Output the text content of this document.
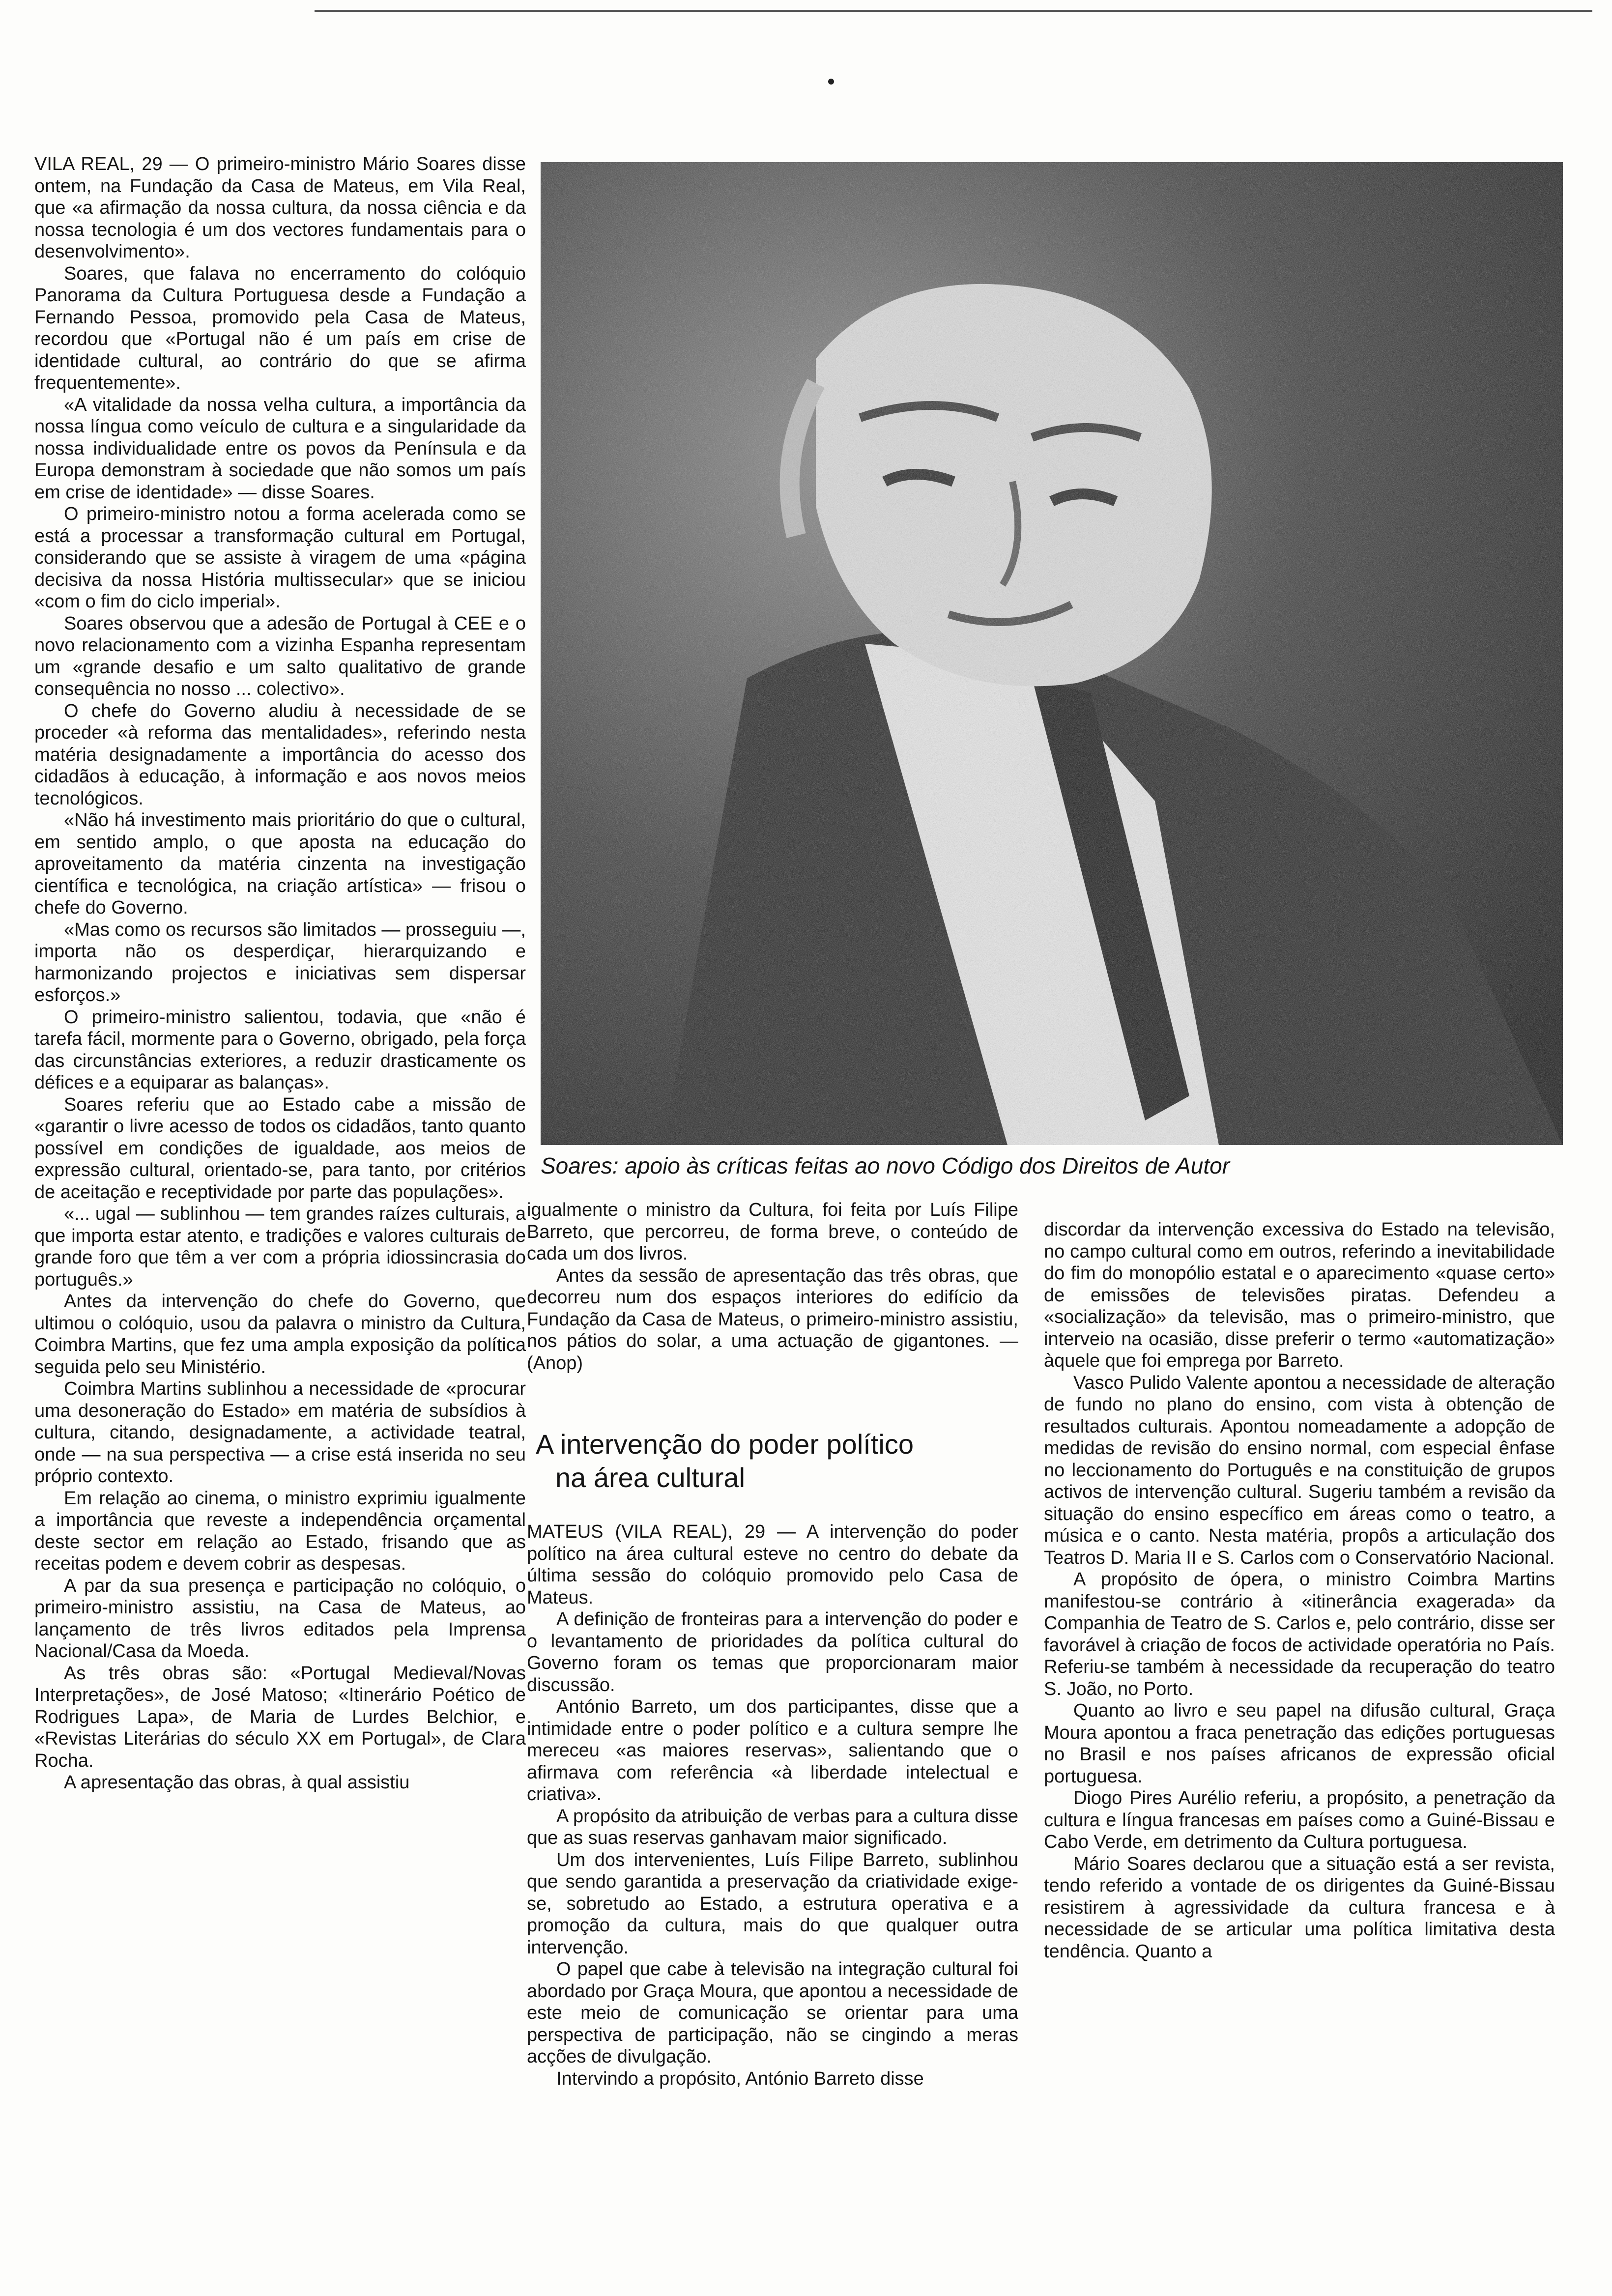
VILA REAL, 29 — O primeiro-ministro Mário Soares disse ontem, na Fundação da Casa de Mateus, em Vila Real, que «a afirmação da nossa cultura, da nossa ciência e da nossa tecnologia é um dos vectores fundamentais para o desenvolvimento».

Soares, que falava no encerramento do colóquio Panorama da Cultura Portuguesa desde a Fundação a Fernando Pessoa, promovido pela Casa de Mateus, recordou que «Portugal não é um país em crise de identidade cultural, ao contrário do que se afirma frequentemente».

«A vitalidade da nossa velha cultura, a importância da nossa língua como veículo de cultura e a singularidade da nossa individualidade entre os povos da Península e da Europa demonstram à sociedade que não somos um país em crise de identidade» — disse Soares.

O primeiro-ministro notou a forma acelerada como se está a processar a transformação cultural em Portugal, considerando que se assiste à viragem de uma «página decisiva da nossa História multissecular» que se iniciou «com o fim do ciclo imperial».

Soares observou que a adesão de Portugal à CEE e o novo relacionamento com a vizinha Espanha representam um «grande desafio e um salto qualitativo de grande consequência no nosso ... colectivo».

O chefe do Governo aludiu à necessidade de se proceder «à reforma das mentalidades», referindo nesta matéria designadamente a importância do acesso dos cidadãos à educação, à informação e aos novos meios tecnológicos.

«Não há investimento mais prioritário do que o cultural, em sentido amplo, o que aposta na educação do aproveitamento da matéria cinzenta na investigação científica e tecnológica, na criação artística» — frisou o chefe do Governo.

«Mas como os recursos são limitados — prosseguiu —, importa não os desperdiçar, hierarquizando e harmonizando projectos e iniciativas sem dispersar esforços.»

O primeiro-ministro salientou, todavia, que «não é tarefa fácil, mormente para o Governo, obrigado, pela força das circunstâncias exteriores, a reduzir drasticamente os défices e a equiparar as balanças».

Soares referiu que ao Estado cabe a missão de «garantir o livre acesso de todos os cidadãos, tanto quanto possível em condições de igualdade, aos meios de expressão cultural, orientado-se, para tanto, por critérios de aceitação e receptividade por parte das populações».

«... ugal — sublinhou — tem grandes raízes culturais, a que importa estar atento, e tradições e valores culturais de grande foro que têm a ver com a própria idiossincrasia do português.»

Antes da intervenção do chefe do Governo, que ultimou o colóquio, usou da palavra o ministro da Cultura, Coimbra Martins, que fez uma ampla exposição da política seguida pelo seu Ministério.

Coimbra Martins sublinhou a necessidade de «procurar uma desoneração do Estado» em matéria de subsídios à cultura, citando, designadamente, a actividade teatral, onde — na sua perspectiva — a crise está inserida no seu próprio contexto.

Em relação ao cinema, o ministro exprimiu igualmente a importância que reveste a independência orçamental deste sector em relação ao Estado, frisando que as receitas podem e devem cobrir as despesas.

A par da sua presença e participação no colóquio, o primeiro-ministro assistiu, na Casa de Mateus, ao lançamento de três livros editados pela Imprensa Nacional/Casa da Moeda.

As três obras são: «Portugal Medieval/Novas Interpretações», de José Matoso; «Itinerário Poético de Rodrigues Lapa», de Maria de Lurdes Belchior, e «Revistas Literárias do século XX em Portugal», de Clara Rocha.

A apresentação das obras, à qual assistiu

Soares: apoio às críticas feitas ao novo Código dos Direitos de Autor

igualmente o ministro da Cultura, foi feita por Luís Filipe Barreto, que percorreu, de forma breve, o conteúdo de cada um dos livros.

Antes da sessão de apresentação das três obras, que decorreu num dos espaços interiores do edifício da Fundação da Casa de Mateus, o primeiro-ministro assistiu, nos pátios do solar, a uma actuação de gigantones. — (Anop)

A intervenção do poder político
na área cultural

MATEUS (VILA REAL), 29 — A intervenção do poder político na área cultural esteve no centro do debate da última sessão do colóquio promovido pelo Casa de Mateus.

A definição de fronteiras para a intervenção do poder e o levantamento de prioridades da política cultural do Governo foram os temas que proporcionaram maior discussão.

António Barreto, um dos participantes, disse que a intimidade entre o poder político e a cultura sempre lhe mereceu «as maiores reservas», salientando que o afirmava com referência «à liberdade intelectual e criativa».

A propósito da atribuição de verbas para a cultura disse que as suas reservas ganhavam maior significado.

Um dos intervenientes, Luís Filipe Barreto, sublinhou que sendo garantida a preservação da criatividade exige-se, sobretudo ao Estado, a estrutura operativa e a promoção da cultura, mais do que qualquer outra intervenção.

O papel que cabe à televisão na integração cultural foi abordado por Graça Moura, que apontou a necessidade de este meio de comunicação se orientar para uma perspectiva de participação, não se cingindo a meras acções de divulgação.

Intervindo a propósito, António Barreto disse

discordar da intervenção excessiva do Estado na televisão, no campo cultural como em outros, referindo a inevitabilidade do fim do monopólio estatal e o aparecimento «quase certo» de emissões de televisões piratas. Defendeu a «socialização» da televisão, mas o primeiro-ministro, que interveio na ocasião, disse preferir o termo «automatização» àquele que foi emprega por Barreto.

Vasco Pulido Valente apontou a necessidade de alteração de fundo no plano do ensino, com vista à obtenção de resultados culturais. Apontou nomeadamente a adopção de medidas de revisão do ensino normal, com especial ênfase no leccionamento do Português e na constituição de grupos activos de intervenção cultural. Sugeriu também a revisão da situação do ensino específico em áreas como o teatro, a música e o canto. Nesta matéria, propôs a articulação dos Teatros D. Maria II e S. Carlos com o Conservatório Nacional.

A propósito de ópera, o ministro Coimbra Martins manifestou-se contrário à «itinerância exagerada» da Companhia de Teatro de S. Carlos e, pelo contrário, disse ser favorável à criação de focos de actividade operatória no País. Referiu-se também à necessidade da recuperação do teatro S. João, no Porto.

Quanto ao livro e seu papel na difusão cultural, Graça Moura apontou a fraca penetração das edições portuguesas no Brasil e nos países africanos de expressão oficial portuguesa.

Diogo Pires Aurélio referiu, a propósito, a penetração da cultura e língua francesas em países como a Guiné-Bissau e Cabo Verde, em detrimento da Cultura portuguesa.

Mário Soares declarou que a situação está a ser revista, tendo referido a vontade de os dirigentes da Guiné-Bissau resistirem à agressividade da cultura francesa e à necessidade de se articular uma política limitativa desta tendência. Quanto a
